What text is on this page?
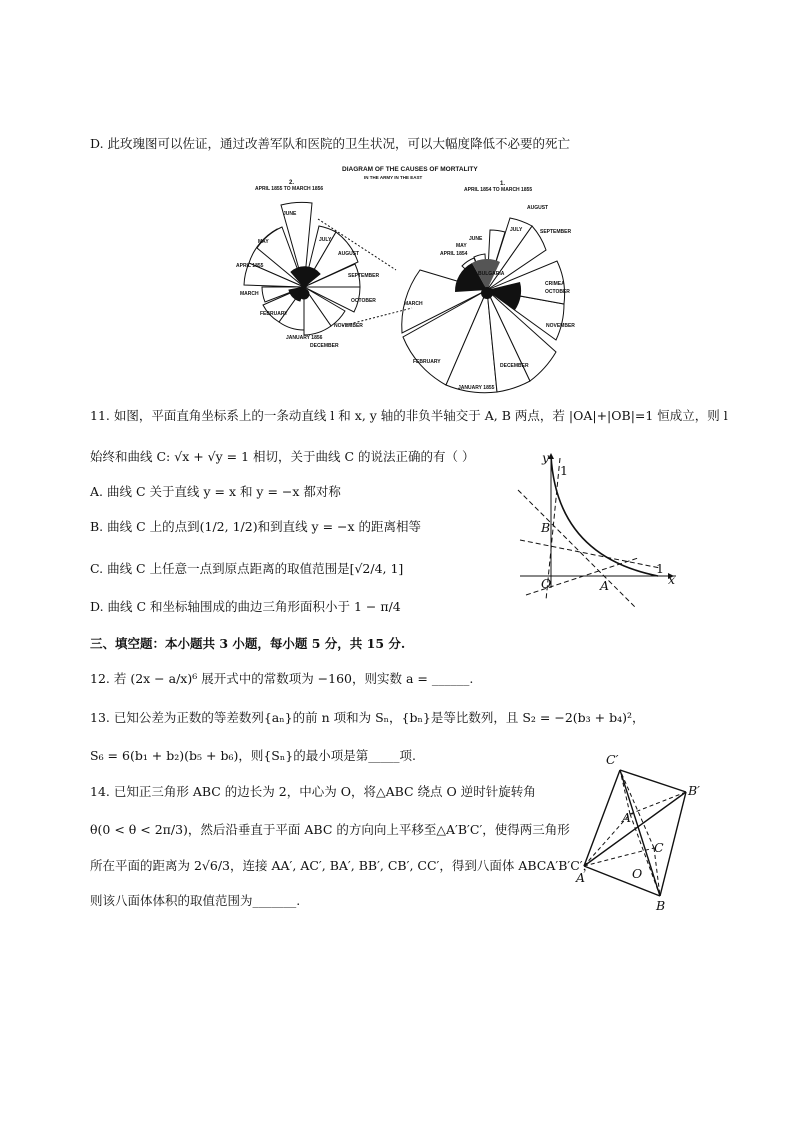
D. 此玫瑰图可以佐证，通过改善军队和医院的卫生状况，可以大幅度降低不必要的死亡
DIAGRAM OF THE CAUSES OF MORTALITY
IN THE ARMY IN THE EAST
2.
APRIL 1855 TO MARCH 1856
1.
APRIL 1854 TO MARCH 1855
JUNE
JULY
AUGUST
SEPTEMBER
OCTOBER
NOVEMBER
DECEMBER
JANUARY 1856
FEBRUARY
MARCH
APRIL 1855
MAY
JULY
AUGUST
SEPTEMBER
CRIMEA
OCTOBER
NOVEMBER
DECEMBER
JANUARY 1855
FEBRUARY
MARCH
APRIL 1854
MAY
JUNE
BULGARIA
11. 如图，平面直角坐标系上的一条动直线 l 和 x, y 轴的非负半轴交于 A, B 两点，若 |OA|+|OB|=1 恒成立，则 l
始终和曲线 C: √x + √y = 1 相切，关于曲线 C 的说法正确的有（ ）
A. 曲线 C 关于直线 y = x 和 y = −x 都对称
B. 曲线 C 上的点到(1/2, 1/2)和到直线 y = −x 的距离相等
C. 曲线 C 上任意一点到原点距离的取值范围是[√2/4, 1]
D. 曲线 C 和坐标轴围成的曲边三角形面积小于 1 − π/4
y
1
B
O	A
1
x
三、填空题：本小题共 3 小题，每小题 5 分，共 15 分.
12. 若 (2x − a/x)⁶ 展开式中的常数项为 −160，则实数 a = ______.
13. 已知公差为正数的等差数列{aₙ}的前 n 项和为 Sₙ，{bₙ}是等比数列，且 S₂ = −2(b₃ + b₄)²，
S₆ = 6(b₁ + b₂)(b₅ + b₆)，则{Sₙ}的最小项是第_____项.
14. 已知正三角形 ABC 的边长为 2，中心为 O，将△ABC 绕点 O 逆时针旋转角
θ(0 < θ < 2π/3)，然后沿垂直于平面 ABC 的方向向上平移至△A′B′C′，使得两三角形
所在平面的距离为 2√6/3，连接 AA′, AC′, BA′, BB′, CB′, CC′，得到八面体 ABCA′B′C′，
则该八面体体积的取值范围为_______.
C′
B′
A′
C
O
A
B
